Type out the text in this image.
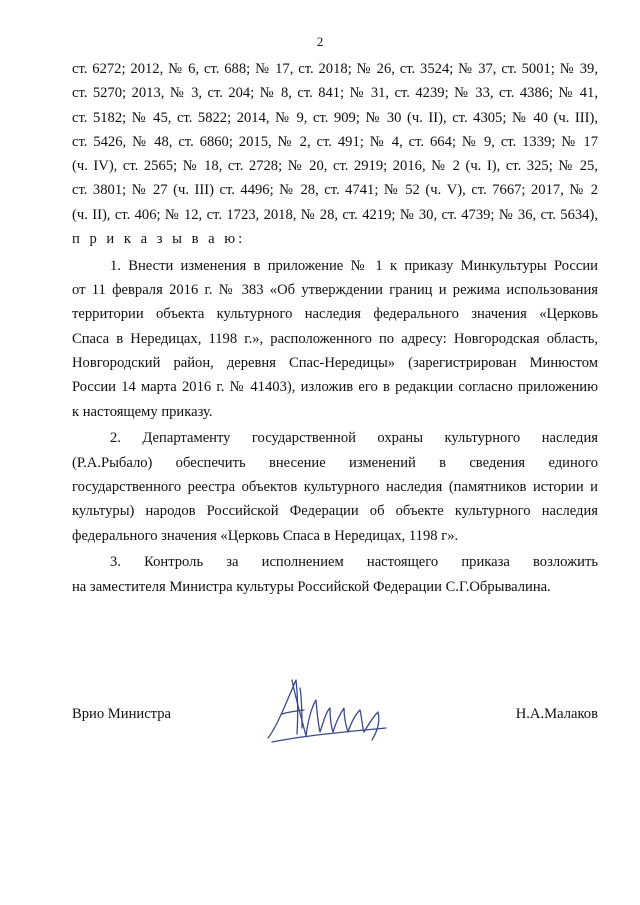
2
ст. 6272; 2012, № 6, ст. 688; № 17, ст. 2018; № 26, ст. 3524; № 37, ст. 5001; № 39,
ст. 5270; 2013, № 3, ст. 204; № 8, ст. 841; № 31, ст. 4239; № 33, ст. 4386; № 41,
ст. 5182; № 45, ст. 5822; 2014, № 9, ст. 909; № 30 (ч. II), ст. 4305; № 40 (ч. III),
ст. 5426, № 48, ст. 6860; 2015, № 2, ст. 491; № 4, ст. 664; № 9, ст. 1339; № 17
(ч. IV), ст. 2565; № 18, ст. 2728; № 20, ст. 2919; 2016, № 2 (ч. I), ст. 325; № 25,
ст. 3801; № 27 (ч. III) ст. 4496; № 28, ст. 4741; № 52 (ч. V), ст. 7667; 2017, № 2
(ч. II), ст. 406; № 12, ст. 1723, 2018, № 28, ст. 4219; № 30, ст. 4739; № 36, ст. 5634),
п р и к а з ы в а ю:
1. Внести изменения в приложение № 1 к приказу Минкультуры России
от 11 февраля 2016 г. № 383 «Об утверждении границ и режима использования
территории объекта культурного наследия федерального значения «Церковь
Спаса в Нередицах, 1198 г.», расположенного по адресу: Новгородская область,
Новгородский район, деревня Спас-Нередицы» (зарегистрирован Минюстом
России 14 марта 2016 г. № 41403), изложив его в редакции согласно приложению
к настоящему приказу.
2. Департаменту государственной охраны культурного наследия
(Р.А.Рыбало) обеспечить внесение изменений в сведения единого
государственного реестра объектов культурного наследия (памятников истории и
культуры) народов Российской Федерации об объекте культурного наследия
федерального значения «Церковь Спаса в Нередицах, 1198 г».
3. Контроль за исполнением настоящего приказа возложить
на заместителя Министра культуры Российской Федерации С.Г.Обрывалина.
Врио Министра	Н.А.Малаков
